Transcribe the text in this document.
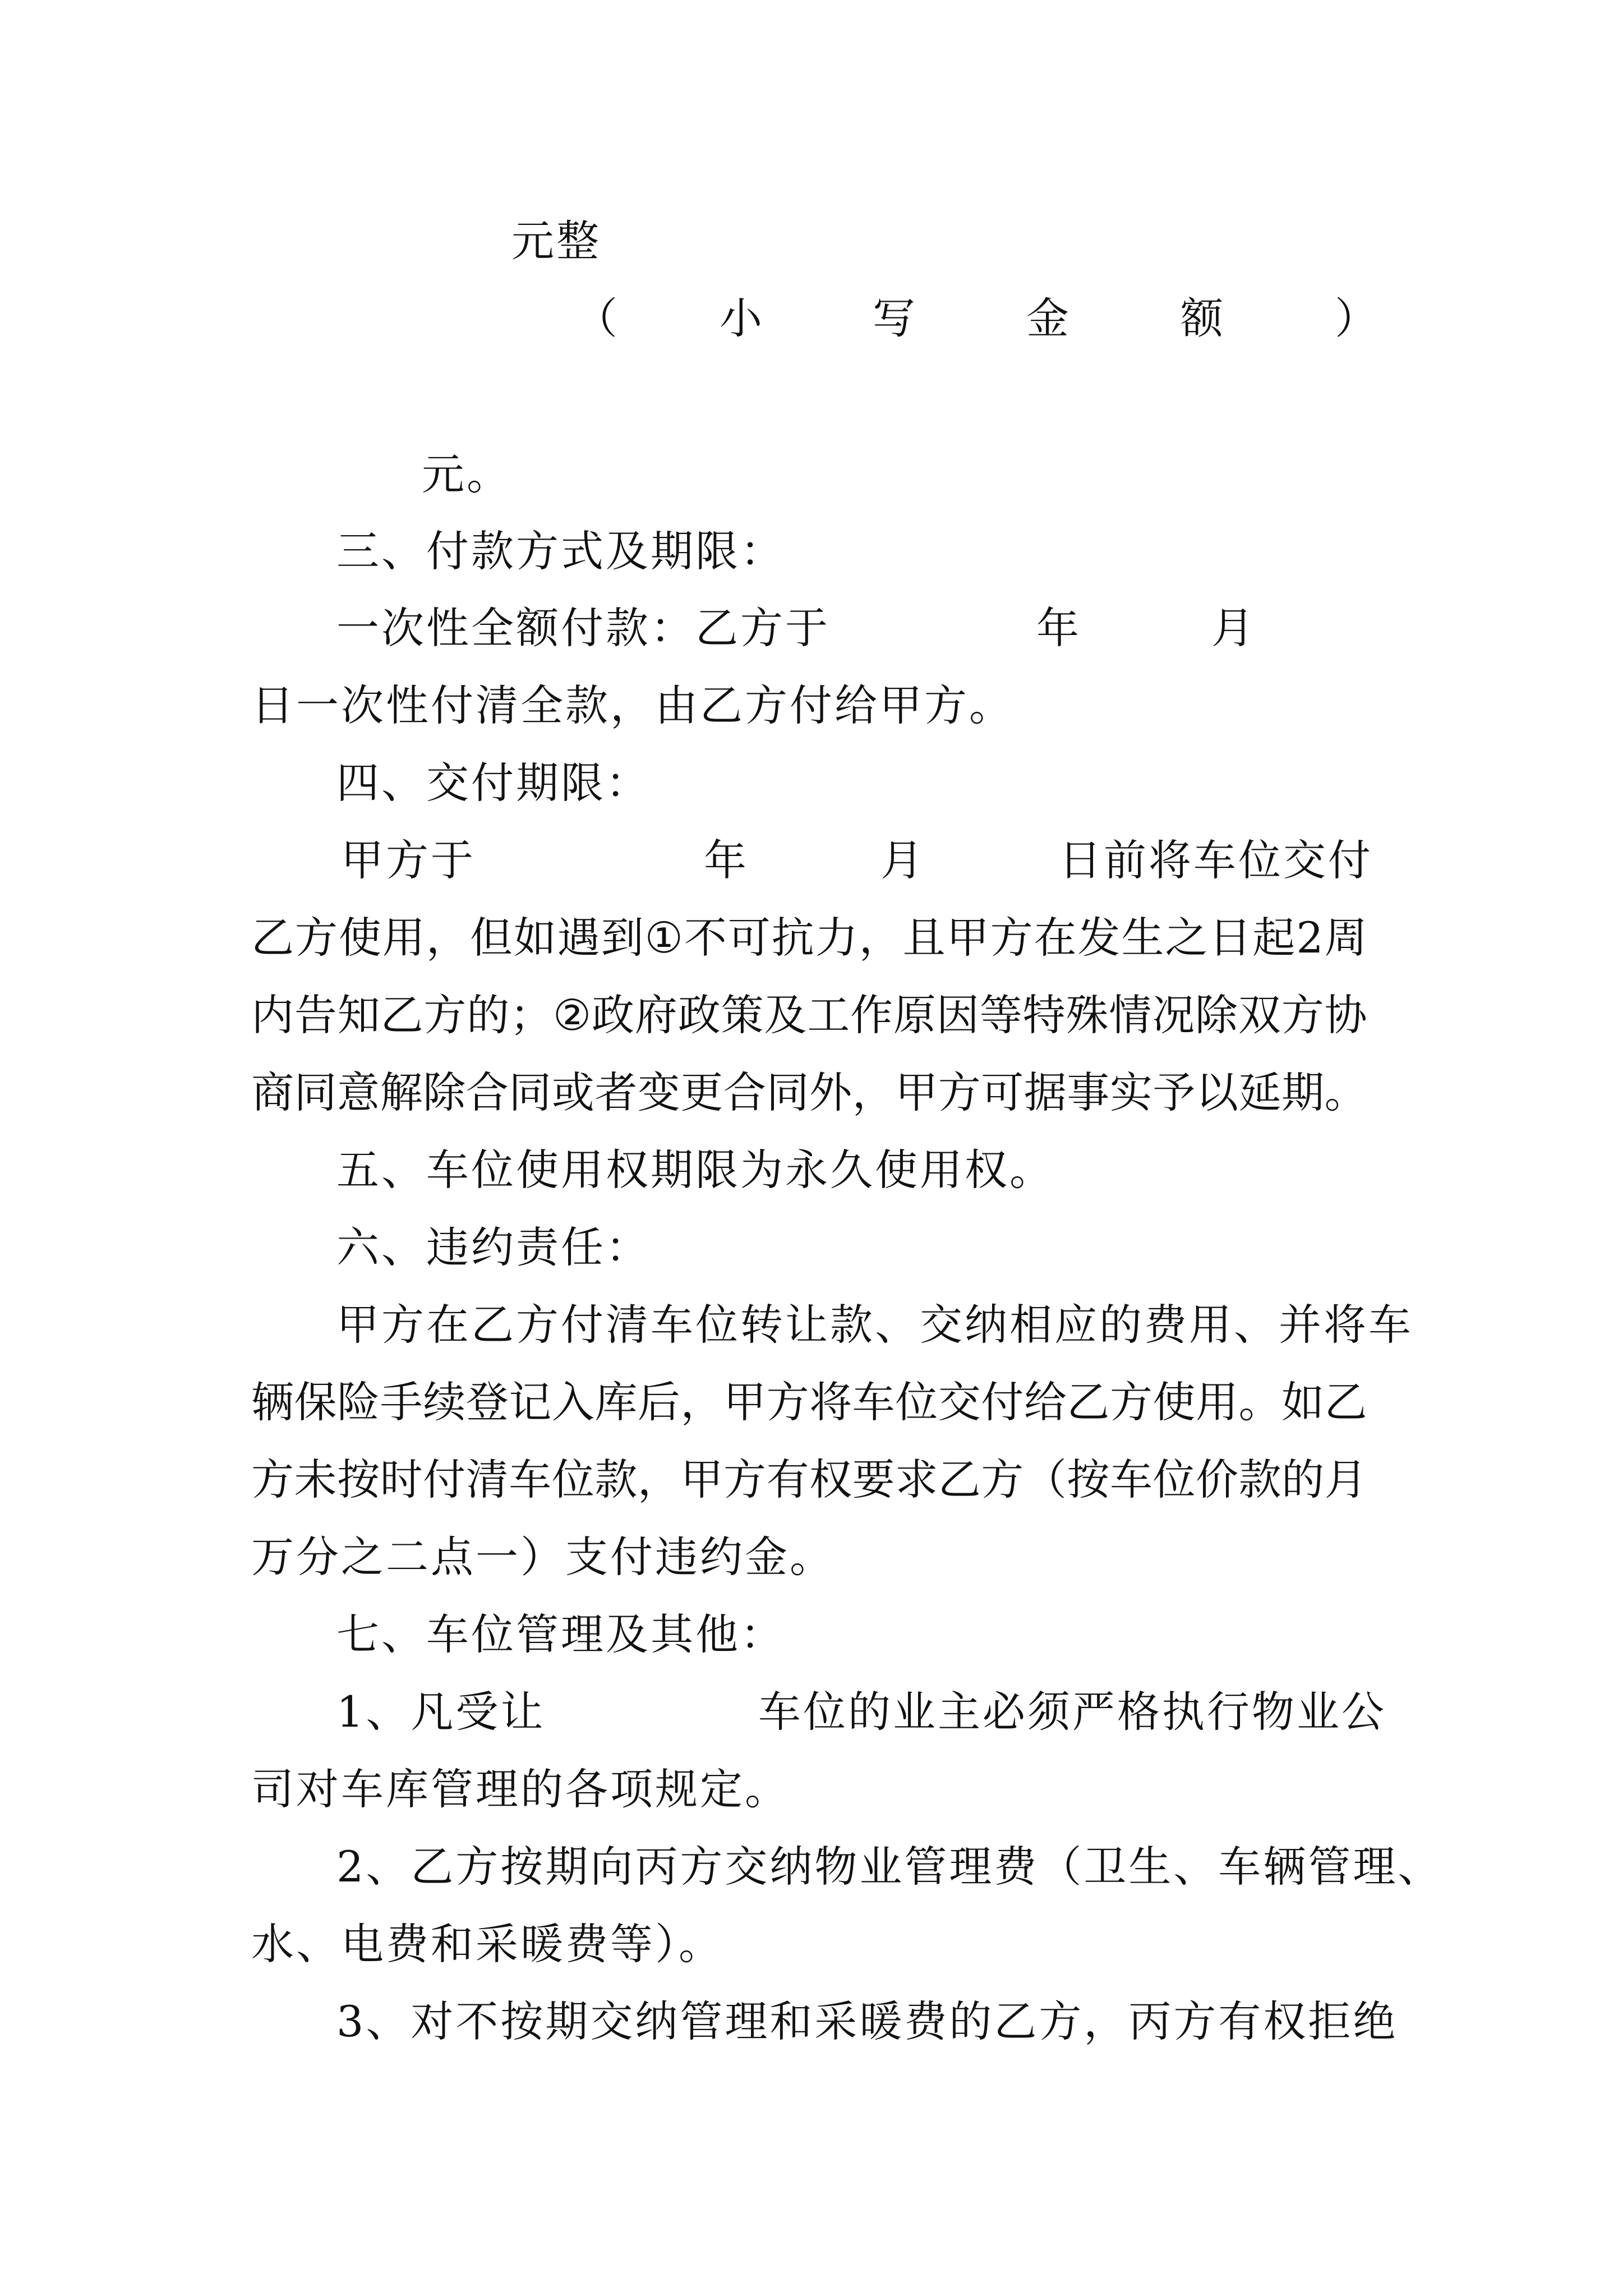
元整
（ 小	写	金	额	）
元。
三、付款方式及期限：
一次性全额付款：乙方于	年	月
日一次性付清全款，由乙方付给甲方。
四、交付期限：
甲方于	年	月	日前将车位交付
乙 方 使 用 ， 但 如 遇 到 ① 不 可 抗 力 ， 且 甲 方 在 发 生 之 日 起 2 周
内 告 知 乙 方 的 ； ② 政 府 政 策 及 工 作 原 因 等 特 殊 情 况 除 双 方 协
商 同 意 解 除 合 同 或 者 变 更 合 同 外 ， 甲 方 可 据 事 实 予 以 延 期 。
五、车位使用权期限为永久使用权。
六、违约责任：
甲方在乙方付清车位转让款、交纳相应的费用、并将车
辆 保 险 手 续 登 记 入 库 后 ， 甲 方 将 车 位 交 付 给 乙 方 使 用 。 如 乙
方 未 按 时 付 清 车 位 款 ， 甲 方 有 权 要 求 乙 方 （ 按 车 位 价 款 的 月
万分之二点一）支付违约金。
七、车位管理及其他：
1、凡受让	车位的业主必须严格执行物业公
司对车库管理的各项规定。
2、乙方按期向丙方交纳物业管理费（卫生、车辆管理、
水、电费和采暖费等）。
3、对不按期交纳管理和采暖费的乙方，丙方有权拒绝
